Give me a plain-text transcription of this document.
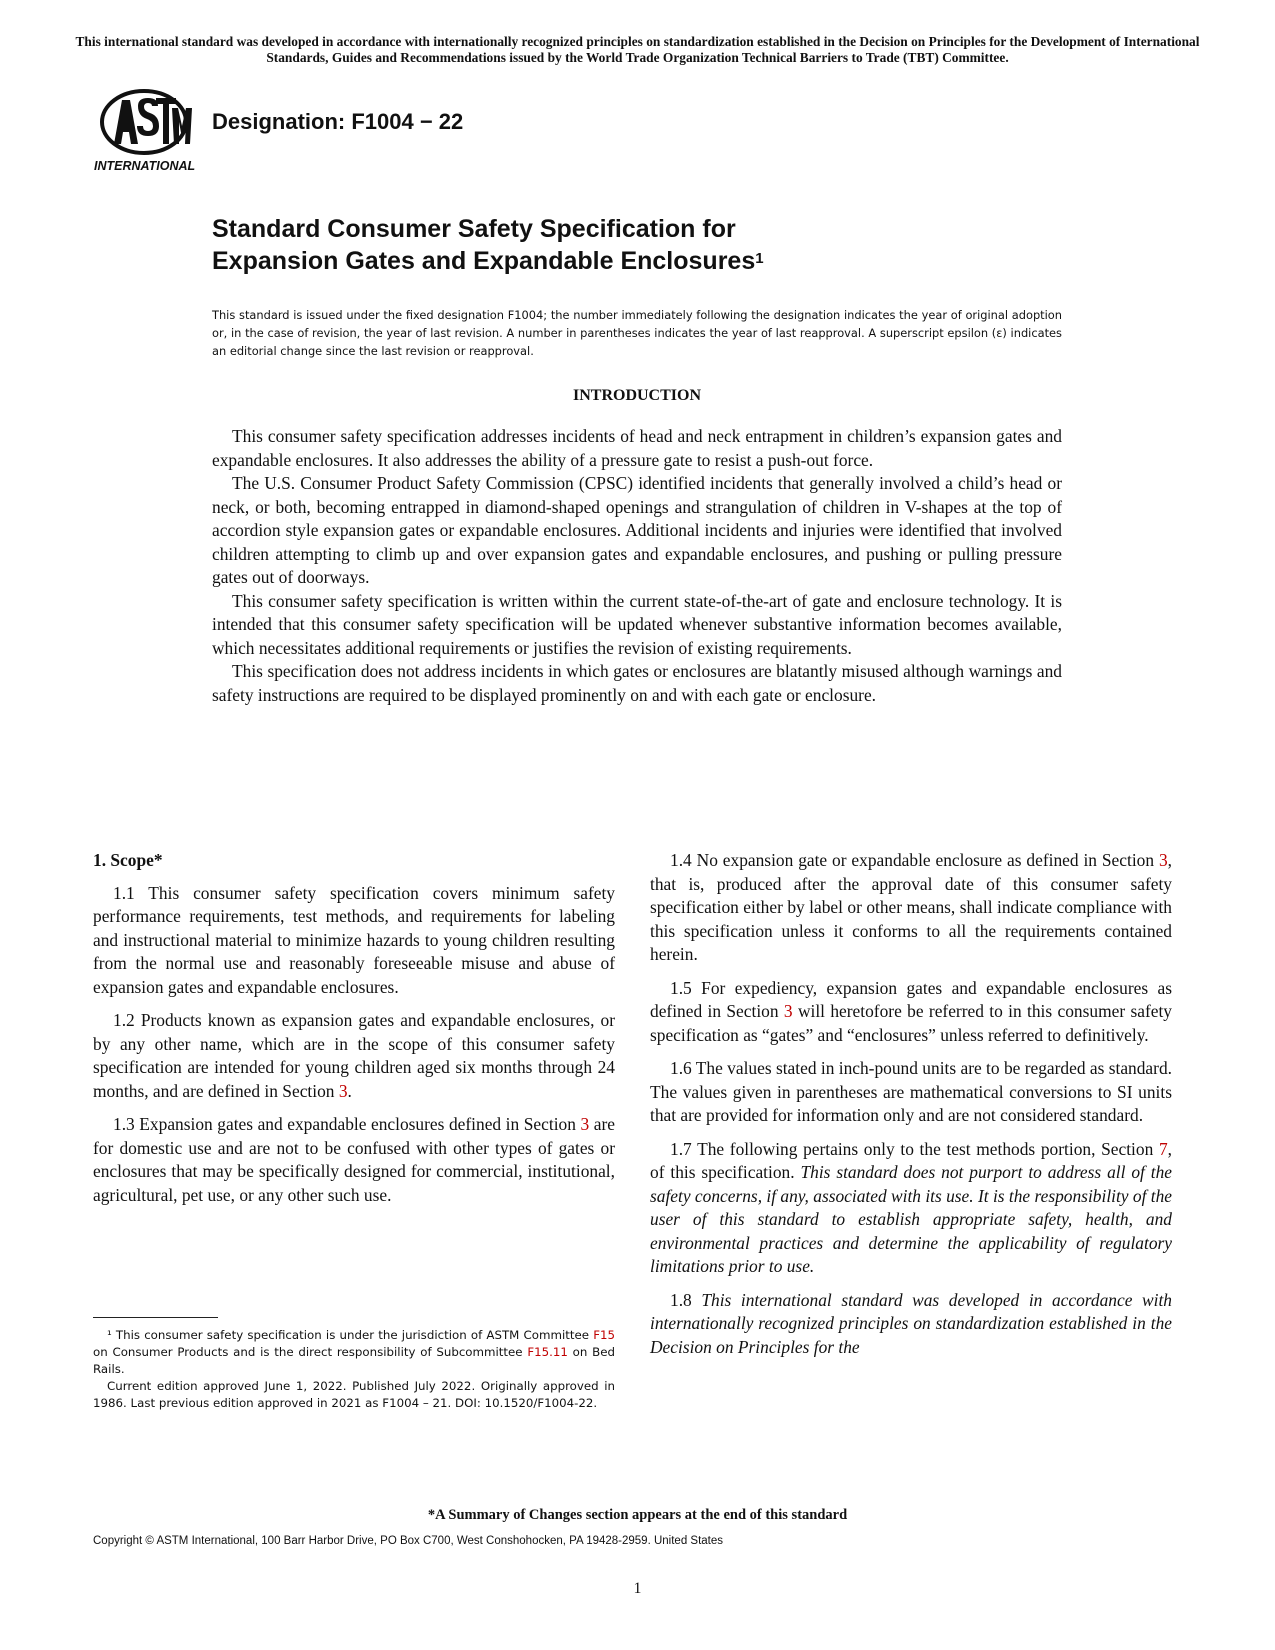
This international standard was developed in accordance with internationally recognized principles on standardization established in the Decision on Principles for the Development of International Standards, Guides and Recommendations issued by the World Trade Organization Technical Barriers to Trade (TBT) Committee.
INTERNATIONAL
Designation: F1004 − 22
Standard Consumer Safety Specification for
Expansion Gates and Expandable Enclosures$^1$
This standard is issued under the fixed designation F1004; the number immediately following the designation indicates the year of original adoption or, in the case of revision, the year of last revision. A number in parentheses indicates the year of last reapproval. A superscript epsilon (ε) indicates an editorial change since the last revision or reapproval.
INTRODUCTION

This consumer safety specification addresses incidents of head and neck entrapment in children’s expansion gates and expandable enclosures. It also addresses the ability of a pressure gate to resist a push-out force.

The U.S. Consumer Product Safety Commission (CPSC) identified incidents that generally involved a child’s head or neck, or both, becoming entrapped in diamond-shaped openings and strangulation of children in V-shapes at the top of accordion style expansion gates or expandable enclosures. Additional incidents and injuries were identified that involved children attempting to climb up and over expansion gates and expandable enclosures, and pushing or pulling pressure gates out of doorways.

This consumer safety specification is written within the current state-of-the-art of gate and enclosure technology. It is intended that this consumer safety specification will be updated whenever substantive information becomes available, which necessitates additional requirements or justifies the revision of existing requirements.

This specification does not address incidents in which gates or enclosures are blatantly misused although warnings and safety instructions are required to be displayed prominently on and with each gate or enclosure.

1. Scope*

1.1 This consumer safety specification covers minimum safety performance requirements, test methods, and requirements for labeling and instructional material to minimize hazards to young children resulting from the normal use and reasonably foreseeable misuse and abuse of expansion gates and expandable enclosures.

1.2 Products known as expansion gates and expandable enclosures, or by any other name, which are in the scope of this consumer safety specification are intended for young children aged six months through 24 months, and are defined in Section 3.

1.3 Expansion gates and expandable enclosures defined in Section 3 are for domestic use and are not to be confused with other types of gates or enclosures that may be specifically designed for commercial, institutional, agricultural, pet use, or any other such use.

1.4 No expansion gate or expandable enclosure as defined in Section 3, that is, produced after the approval date of this consumer safety specification either by label or other means, shall indicate compliance with this specification unless it conforms to all the requirements contained herein.

1.5 For expediency, expansion gates and expandable enclosures as defined in Section 3 will heretofore be referred to in this consumer safety specification as “gates” and “enclosures” unless referred to definitively.

1.6 The values stated in inch-pound units are to be regarded as standard. The values given in parentheses are mathematical conversions to SI units that are provided for information only and are not considered standard.

1.7 The following pertains only to the test methods portion, Section 7, of this specification. This standard does not purport to address all of the safety concerns, if any, associated with its use. It is the responsibility of the user of this standard to establish appropriate safety, health, and environmental practices and determine the applicability of regulatory limitations prior to use.

1.8 This international standard was developed in accordance with internationally recognized principles on standardization established in the Decision on Principles for the

¹ This consumer safety specification is under the jurisdiction of ASTM Committee F15 on Consumer Products and is the direct responsibility of Subcommittee F15.11 on Bed Rails.

Current edition approved June 1, 2022. Published July 2022. Originally approved in 1986. Last previous edition approved in 2021 as F1004 – 21. DOI: 10.1520/F1004-22.

*A Summary of Changes section appears at the end of this standard
Copyright © ASTM International, 100 Barr Harbor Drive, PO Box C700, West Conshohocken, PA 19428-2959. United States
1
